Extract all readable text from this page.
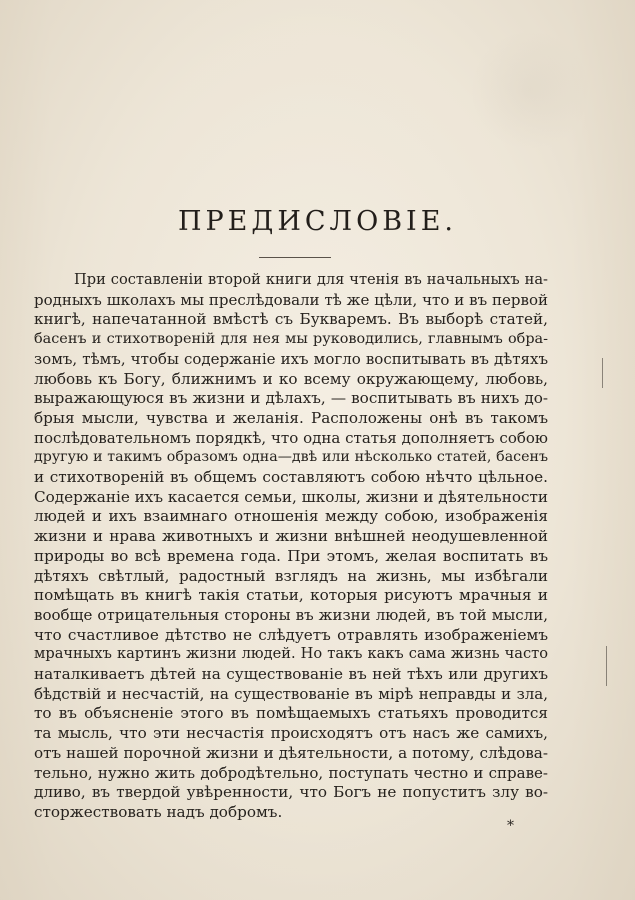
ПРЕДИСЛОВІЕ.
При составленіи второй книги для чтенія въ начальныхъ на-
родныхъ школахъ мы преслѣдовали тѣ же цѣли, что и въ первой
книгѣ, напечатанной вмѣстѣ съ Букваремъ. Въ выборѣ статей,
басенъ и стихотвореній для нея мы руководились, главнымъ обра-
зомъ, тѣмъ, чтобы содержаніе ихъ могло воспитывать въ дѣтяхъ
любовь къ Богу, ближнимъ и ко всему окружающему, любовь,
выражающуюся въ жизни и дѣлахъ, — воспитывать въ нихъ до-
брыя мысли, чувства и желанія. Расположены онѣ въ такомъ
послѣдовательномъ порядкѣ, что одна статья дополняетъ собою
другую и такимъ образомъ одна—двѣ или нѣсколько статей, басенъ
и стихотвореній въ общемъ составляютъ собою нѣчто цѣльное.
Содержаніе ихъ касается семьи, школы, жизни и дѣятельности
людей и ихъ взаимнаго отношенія между собою, изображенія
жизни и нрава животныхъ и жизни внѣшней неодушевленной
природы во всѣ времена года. При этомъ, желая воспитать въ
дѣтяхъ свѣтлый, радостный взглядъ на жизнь, мы избѣгали
помѣщать въ книгѣ такія статьи, которыя рисуютъ мрачныя и
вообще отрицательныя стороны въ жизни людей, въ той мысли,
что счастливое дѣтство не слѣдуетъ отравлять изображеніемъ
мрачныхъ картинъ жизни людей. Но такъ какъ сама жизнь часто
наталкиваетъ дѣтей на существованіе въ ней тѣхъ или другихъ
бѣдствій и несчастій, на существованіе въ мірѣ неправды и зла,
то въ объясненіе этого въ помѣщаемыхъ статьяхъ проводится
та мысль, что эти несчастія происходятъ отъ насъ же самихъ,
отъ нашей порочной жизни и дѣятельности, а потому, слѣдова-
тельно, нужно жить добродѣтельно, поступать честно и справе-
дливо, въ твердой увѣренности, что Богъ не попуститъ злу во-
сторжествовать надъ добромъ.
*
